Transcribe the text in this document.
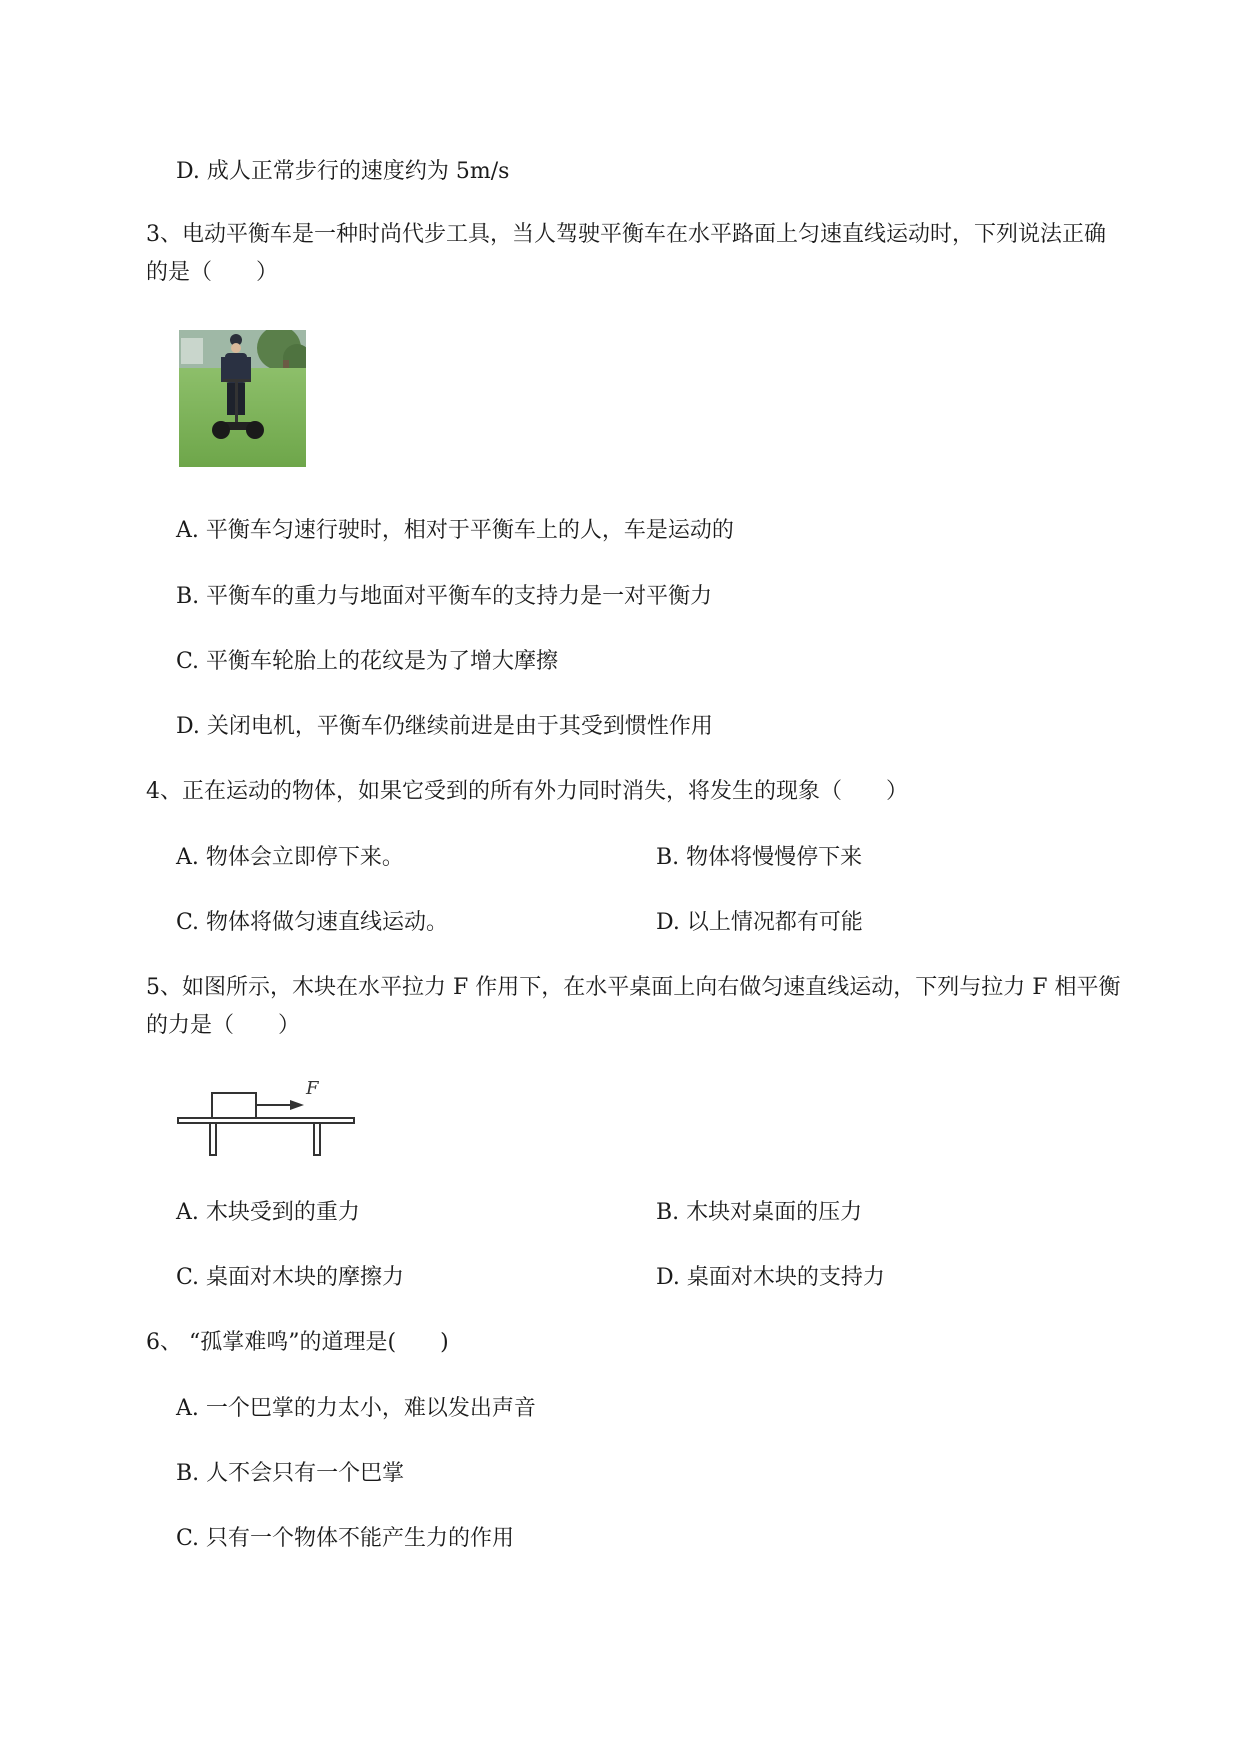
D. 成人正常步行的速度约为 5m/s
3、电动平衡车是一种时尚代步工具，当人驾驶平衡车在水平路面上匀速直线运动时，下列说法正确
的是（　　）
A. 平衡车匀速行驶时，相对于平衡车上的人，车是运动的
B. 平衡车的重力与地面对平衡车的支持力是一对平衡力
C. 平衡车轮胎上的花纹是为了增大摩擦
D. 关闭电机，平衡车仍继续前进是由于其受到惯性作用
4、正在运动的物体，如果它受到的所有外力同时消失，将发生的现象（　　）
A. 物体会立即停下来。	B. 物体将慢慢停下来
C. 物体将做匀速直线运动。	D. 以上情况都有可能
5、如图所示，木块在水平拉力 F 作用下，在水平桌面上向右做匀速直线运动，下列与拉力 F 相平衡
的力是（　　）
F
A. 木块受到的重力	B. 木块对桌面的压力
C. 桌面对木块的摩擦力	D. 桌面对木块的支持力
6、 “孤掌难鸣”的道理是(　　)
A. 一个巴掌的力太小，难以发出声音
B. 人不会只有一个巴掌
C. 只有一个物体不能产生力的作用
